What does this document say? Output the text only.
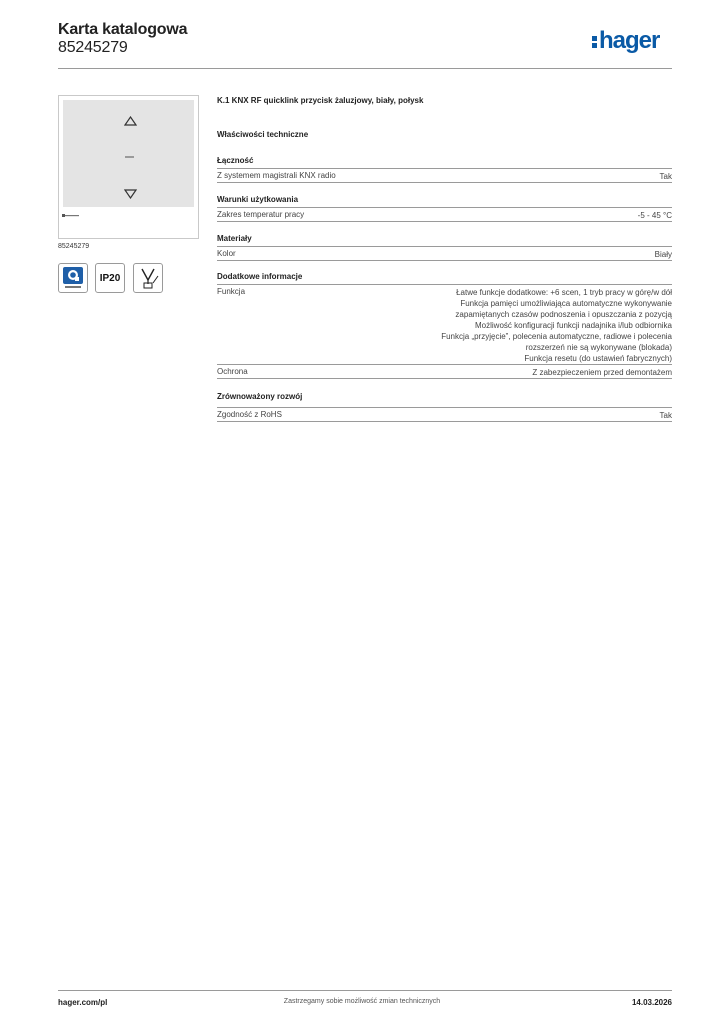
Karta katalogowa
85245279	hager
85245279
IP20
K.1 KNX RF quicklink przycisk żaluzjowy, biały, połysk
Właściwości techniczne
Łączność
Z systemem magistrali KNX radio	Tak
Warunki użytkowania
Zakres temperatur pracy	-5 - 45 °C
Materiały
Kolor	Biały
Dodatkowe informacje
Funkcja	Łatwe funkcje dodatkowe: +6 scen, 1 tryb pracy w górę/w dół
Funkcja pamięci umożliwiająca automatyczne wykonywanie
zapamiętanych czasów podnoszenia i opuszczania z pozycją
Możliwość konfiguracji funkcji nadajnika i/lub odbiornika
Funkcja „przyjęcie”, polecenia automatyczne, radiowe i polecenia
rozszerzeń nie są wykonywane (blokada)
Funkcja resetu (do ustawień fabrycznych)
Ochrona	Z zabezpieczeniem przed demontażem
Zrównoważony rozwój
Zgodność z RoHS	Tak
hager.com/pl	Zastrzegamy sobie możliwość zmian technicznych	14.03.2026
